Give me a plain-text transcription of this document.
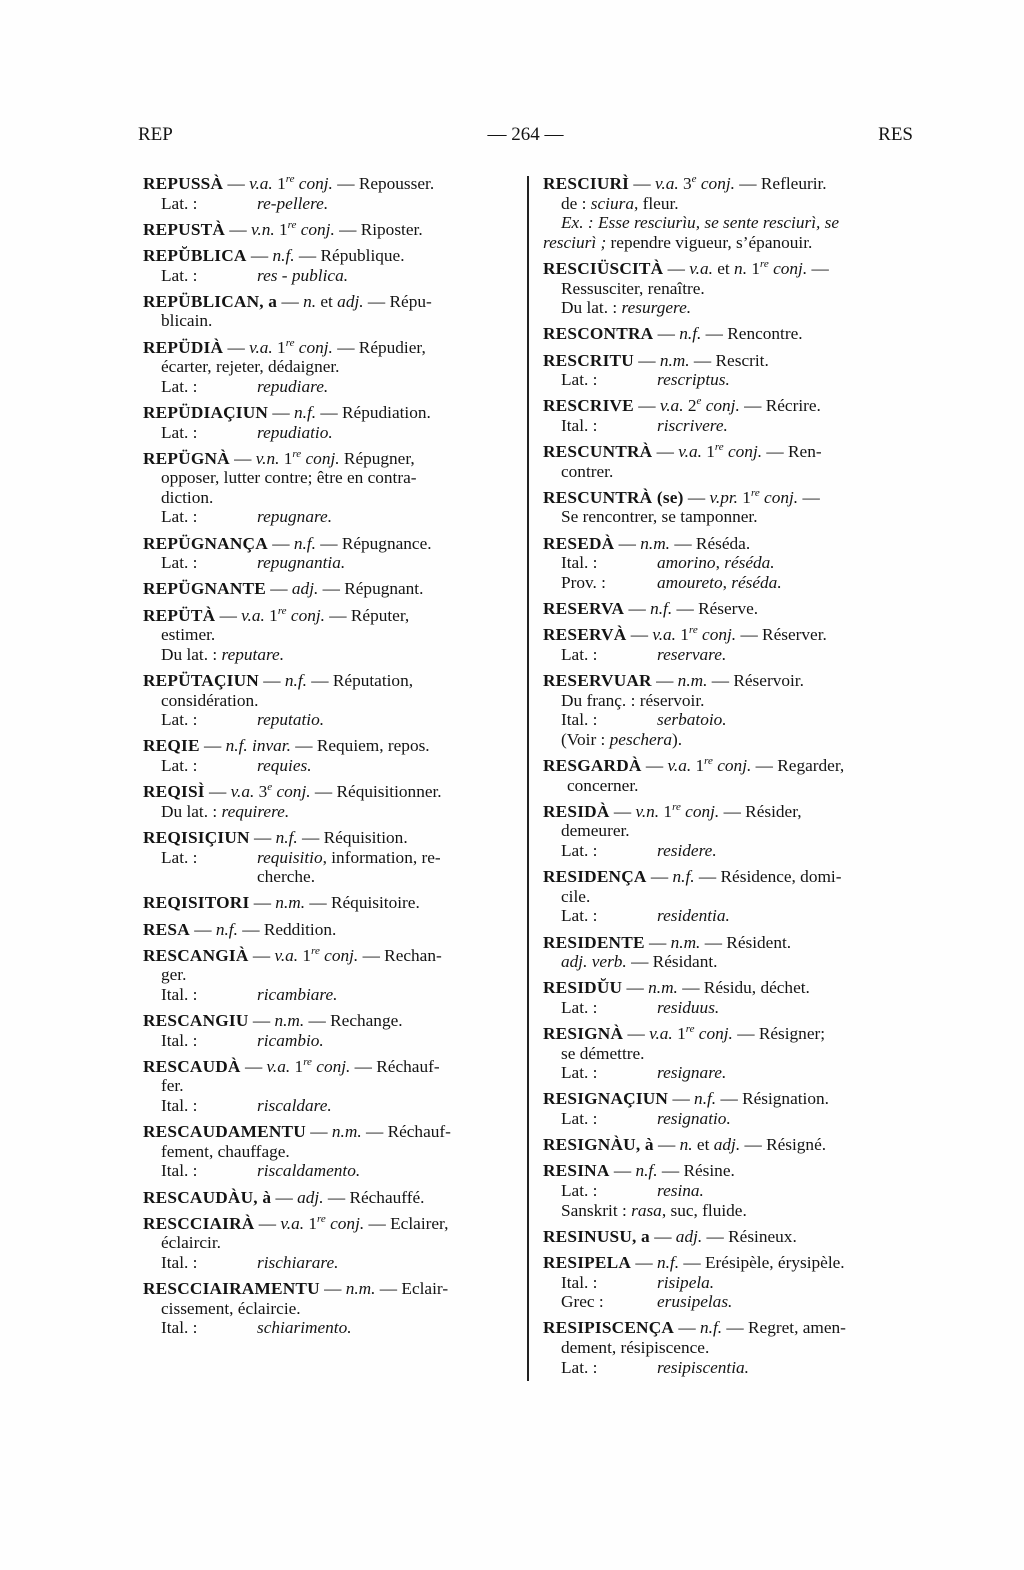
REP	— 264 —	RES
REPUSSÀ — v.a. 1re conj. — Repousser.
Lat. :	re-pellere.
REPUSTÀ — v.n. 1re conj. — Riposter.
REPŬBLICA — n.f. — République.
Lat. :	res - publica.
REPÜBLICAN, a — n. et adj. — Répu-
blicain.
REPÜDIÀ — v.a. 1re conj. — Répudier,
écarter, rejeter, dédaigner.
Lat. :	repudiare.
REPÜDIAÇIUN — n.f. — Répudiation.
Lat. :	repudiatio.
REPÜGNÀ — v.n. 1re conj. Répugner,
opposer, lutter contre; être en contra-
diction.
Lat. :	repugnare.
REPÜGNANÇA — n.f. — Répugnance.
Lat. :	repugnantia.
REPÜGNANTE — adj. — Répugnant.
REPÜTÀ — v.a. 1re conj. — Réputer,
estimer.
Du lat. : reputare.
REPÜTAÇIUN — n.f. — Réputation,
considération.
Lat. :	reputatio.
REQIE — n.f. invar. — Requiem, repos.
Lat. :	requies.
REQISÌ — v.a. 3e conj. — Réquisitionner.
Du lat. : requirere.
REQISIÇIUN — n.f. — Réquisition.
Lat. :	requisitio, information, re-
cherche.
REQISITORI — n.m. — Réquisitoire.
RESA — n.f. — Reddition.
RESCANGIÀ — v.a. 1re conj. — Rechan-
ger.
Ital. :	ricambiare.
RESCANGIU — n.m. — Rechange.
Ital. :	ricambio.
RESCAUDÀ — v.a. 1re conj. — Réchauf-
fer.
Ital. :	riscaldare.
RESCAUDAMENTU — n.m. — Réchauf-
fement, chauffage.
Ital. :	riscaldamento.
RESCAUDÀU, à — adj. — Réchauffé.
RESCCIAIRÀ — v.a. 1re conj. — Eclairer,
éclaircir.
Ital. :	rischiarare.
RESCCIAIRAMENTU — n.m. — Eclair-
cissement, éclaircie.
Ital. :	schiarimento.
RESCIURÌ — v.a. 3e conj. — Refleurir.
de : sciura, fleur.
Ex. : Esse resciurìu, se sente resciurì, se
resciurì ; rependre vigueur, s’épanouir.
RESCIÜSCITÀ — v.a. et n. 1re conj. —
Ressusciter, renaître.
Du lat. : resurgere.
RESCONTRA — n.f. — Rencontre.
RESCRITU — n.m. — Rescrit.
Lat. :	rescriptus.
RESCRIVE — v.a. 2e conj. — Récrire.
Ital. :	riscrivere.
RESCUNTRÀ — v.a. 1re conj. — Ren-
contrer.
RESCUNTRÀ (se) — v.pr. 1re conj. —
Se rencontrer, se tamponner.
RESEDÀ — n.m. — Réséda.
Ital. :	amorino, réséda.
Prov. :	amoureto, réséda.
RESERVA — n.f. — Réserve.
RESERVÀ — v.a. 1re conj. — Réserver.
Lat. :	reservare.
RESERVUAR — n.m. — Réservoir.
Du franç. : réservoir.
Ital. :	serbatoio.
(Voir : peschera).
RESGARDÀ — v.a. 1re conj. — Regarder,
concerner.
RESIDÀ — v.n. 1re conj. — Résider,
demeurer.
Lat. :	residere.
RESIDENÇA — n.f. — Résidence, domi-
cile.
Lat. :	residentia.
RESIDENTE — n.m. — Résident.
adj. verb. — Résidant.
RESIDŬU — n.m. — Résidu, déchet.
Lat. :	residuus.
RESIGNÀ — v.a. 1re conj. — Résigner;
se démettre.
Lat. :	resignare.
RESIGNAÇIUN — n.f. — Résignation.
Lat. :	resignatio.
RESIGNÀU, à — n. et adj. — Résigné.
RESINA — n.f. — Résine.
Lat. :	resina.
Sanskrit : rasa, suc, fluide.
RESINUSU, a — adj. — Résineux.
RESIPELA — n.f. — Erésipèle, érysipèle.
Ital. :	risipela.
Grec :	erusipelas.
RESIPISCENÇA — n.f. — Regret, amen-
dement, résipiscence.
Lat. :	resipiscentia.
